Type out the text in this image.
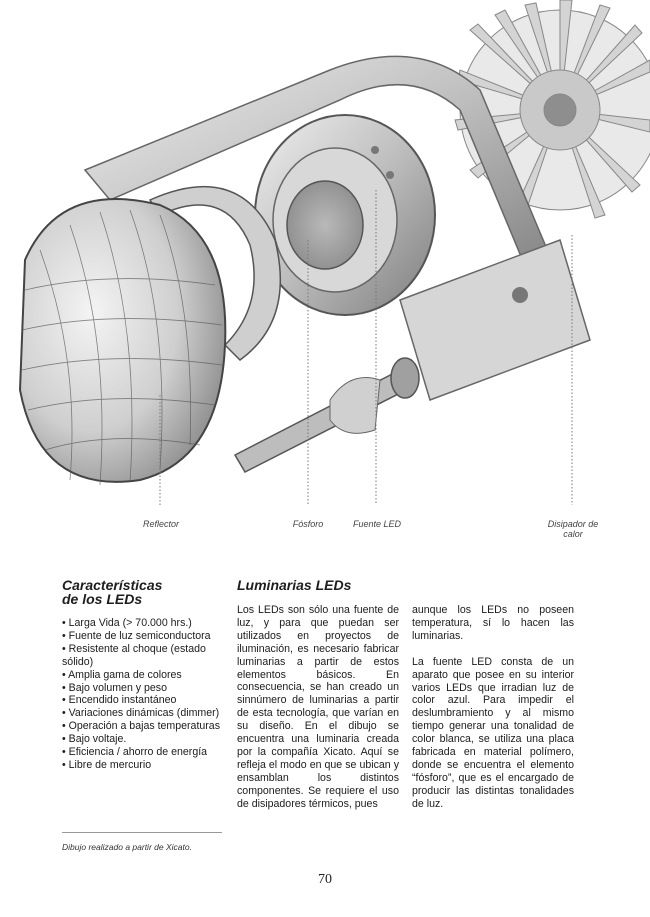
Reflector	Fósforo	Fuente LED	Disipador de calor
Características
de los LEDs
• Larga Vida (> 70.000 hrs.)
• Fuente de luz semiconductora
• Resistente al choque (estado sólido)
• Amplia gama de colores
• Bajo volumen y peso
• Encendido instantáneo
• Variaciones dinámicas (dimmer)
• Operación a bajas temperaturas
• Bajo voltaje.
• Eficiencia / ahorro de energía
• Libre de mercurio
Luminarias LEDs

Los LEDs son sólo una fuente de luz, y para que puedan ser utilizados en proyectos de iluminación, es necesario fabricar luminarias a partir de estos elementos básicos. En consecuencia, se han creado un sinnúmero de luminarias a partir de esta tecnología, que varían en su diseño. En el dibujo se encuentra una luminaria creada por la compañía Xicato. Aquí se refleja el modo en que se ubican y ensamblan los distintos componentes. Se requiere el uso de disipadores térmicos, pues

aunque los LEDs no poseen temperatura, sí lo hacen las luminarias.

La fuente LED consta de un aparato que posee en su interior varios LEDs que irradian luz de color azul. Para impedir el deslumbramiento y al mismo tiempo generar una tonalidad de color blanca, se utiliza una placa fabricada en material polímero, donde se encuentra el elemento “fósforo”, que es el encargado de producir las distintas tonalidades de luz.

Dibujo realizado a partir de Xicato.
70
